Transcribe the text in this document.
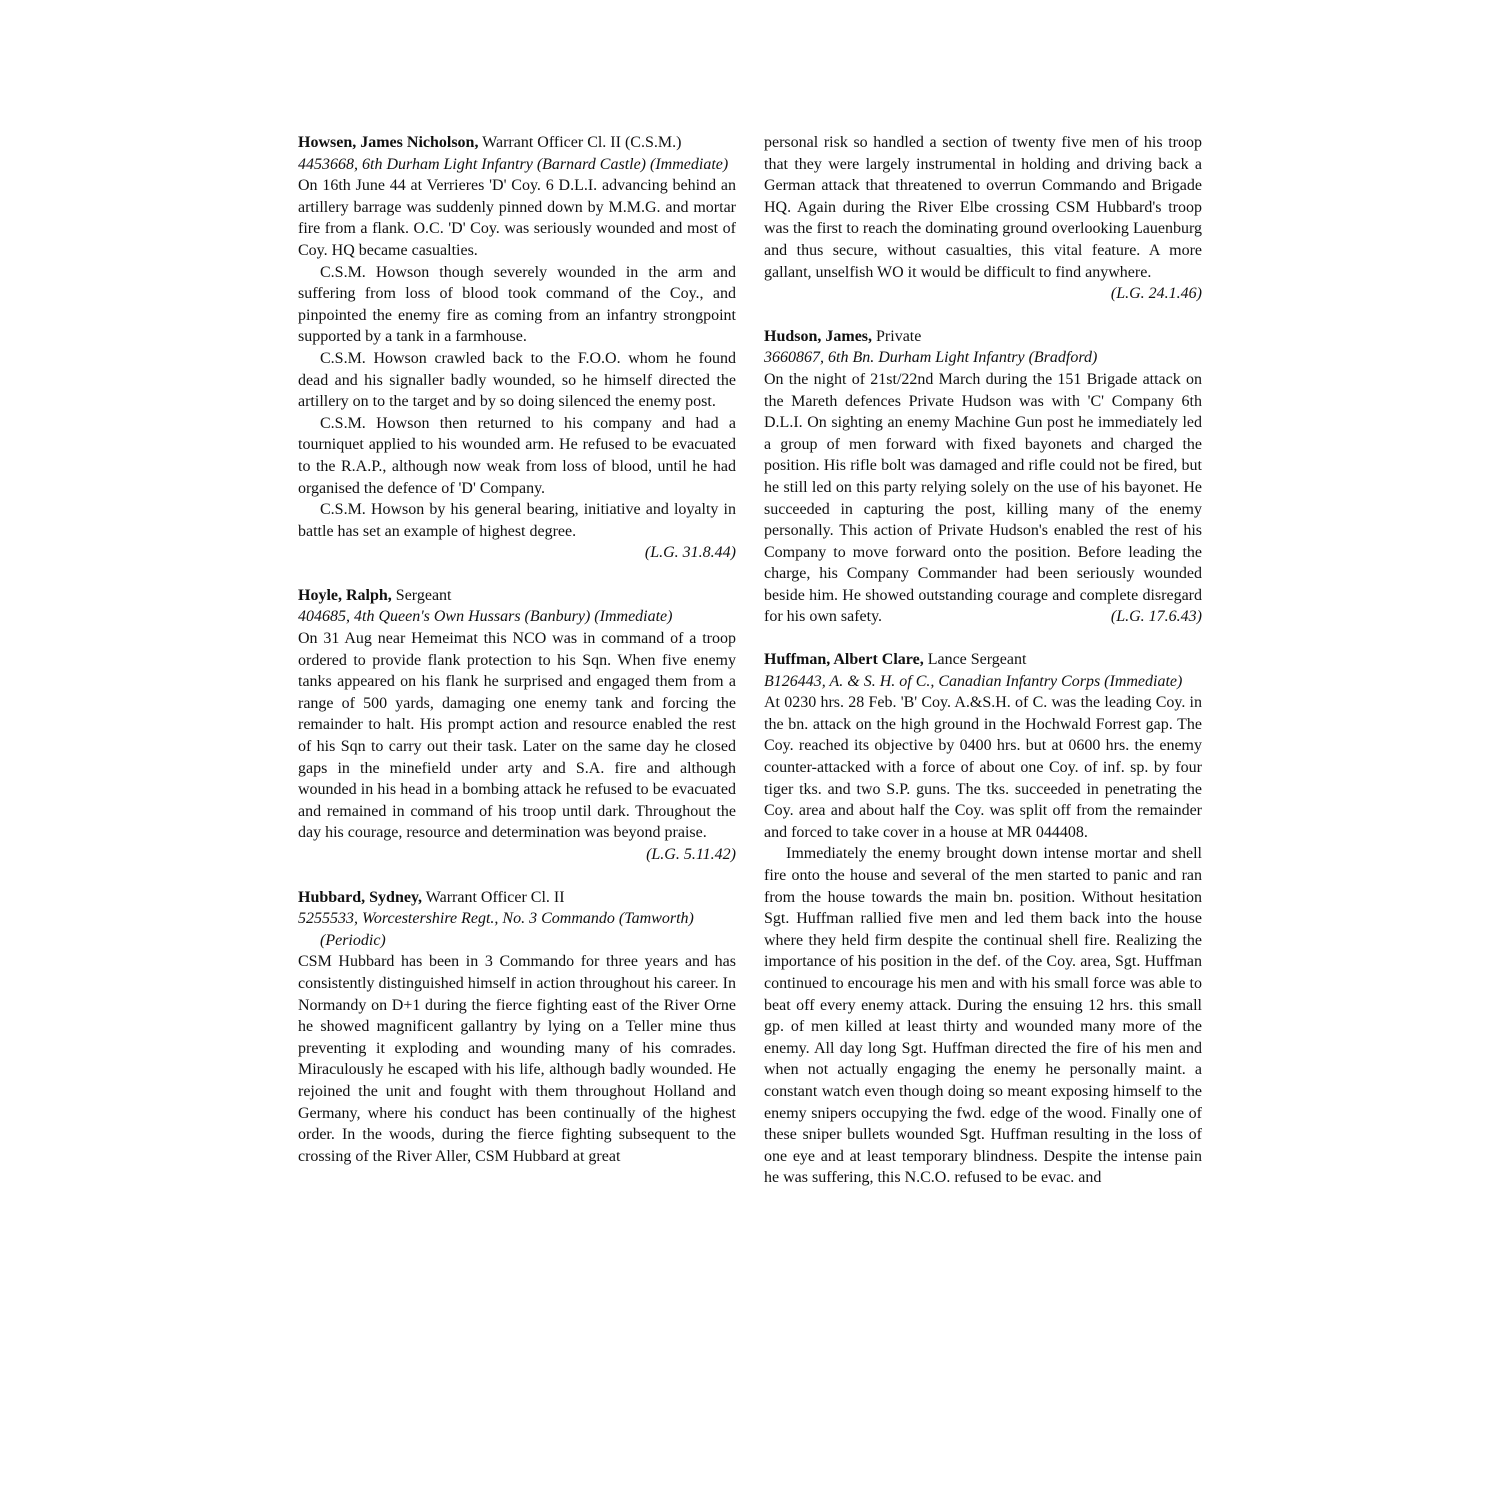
Howsen, James Nicholson, Warrant Officer Cl. II (C.S.M.)

4453668, 6th Durham Light Infantry (Barnard Castle) (Immediate)

On 16th June 44 at Verrieres 'D' Coy. 6 D.L.I. advancing behind an artillery barrage was suddenly pinned down by M.M.G. and mortar fire from a flank. O.C. 'D' Coy. was seriously wounded and most of Coy. HQ became casualties.

C.S.M. Howson though severely wounded in the arm and suffering from loss of blood took command of the Coy., and pinpointed the enemy fire as coming from an infantry strongpoint supported by a tank in a farmhouse.

C.S.M. Howson crawled back to the F.O.O. whom he found dead and his signaller badly wounded, so he himself directed the artillery on to the target and by so doing silenced the enemy post.

C.S.M. Howson then returned to his company and had a tourniquet applied to his wounded arm. He refused to be evacuated to the R.A.P., although now weak from loss of blood, until he had organised the defence of 'D' Company.

C.S.M. Howson by his general bearing, initiative and loyalty in battle has set an example of highest degree.

(L.G. 31.8.44)

Hoyle, Ralph, Sergeant

404685, 4th Queen's Own Hussars (Banbury) (Immediate)

On 31 Aug near Hemeimat this NCO was in command of a troop ordered to provide flank protection to his Sqn. When five enemy tanks appeared on his flank he surprised and engaged them from a range of 500 yards, damaging one enemy tank and forcing the remainder to halt. His prompt action and resource enabled the rest of his Sqn to carry out their task. Later on the same day he closed gaps in the minefield under arty and S.A. fire and although wounded in his head in a bombing attack he refused to be evacuated and remained in command of his troop until dark. Throughout the day his courage, resource and determination was beyond praise.

(L.G. 5.11.42)

Hubbard, Sydney, Warrant Officer Cl. II

5255533, Worcestershire Regt., No. 3 Commando (Tamworth) (Periodic)

CSM Hubbard has been in 3 Commando for three years and has consistently distinguished himself in action throughout his career. In Normandy on D+1 during the fierce fighting east of the River Orne he showed magnificent gallantry by lying on a Teller mine thus preventing it exploding and wounding many of his comrades. Miraculously he escaped with his life, although badly wounded. He rejoined the unit and fought with them throughout Holland and Germany, where his conduct has been continually of the highest order. In the woods, during the fierce fighting subsequent to the crossing of the River Aller, CSM Hubbard at great

personal risk so handled a section of twenty five men of his troop that they were largely instrumental in holding and driving back a German attack that threatened to overrun Commando and Brigade HQ. Again during the River Elbe crossing CSM Hubbard's troop was the first to reach the dominating ground overlooking Lauenburg and thus secure, without casualties, this vital feature. A more gallant, unselfish WO it would be difficult to find anywhere.
(L.G. 24.1.46)

Hudson, James, Private

3660867, 6th Bn. Durham Light Infantry (Bradford)

On the night of 21st/22nd March during the 151 Brigade attack on the Mareth defences Private Hudson was with 'C' Company 6th D.L.I. On sighting an enemy Machine Gun post he immediately led a group of men forward with fixed bayonets and charged the position. His rifle bolt was damaged and rifle could not be fired, but he still led on this party relying solely on the use of his bayonet. He succeeded in capturing the post, killing many of the enemy personally. This action of Private Hudson's enabled the rest of his Company to move forward onto the position. Before leading the charge, his Company Commander had been seriously wounded beside him. He showed outstanding courage and complete disregard for his own safety.	(L.G. 17.6.43)

Huffman, Albert Clare, Lance Sergeant

B126443, A. & S. H. of C., Canadian Infantry Corps (Immediate)

At 0230 hrs. 28 Feb. 'B' Coy. A.&S.H. of C. was the leading Coy. in the bn. attack on the high ground in the Hochwald Forrest gap. The Coy. reached its objective by 0400 hrs. but at 0600 hrs. the enemy counter-attacked with a force of about one Coy. of inf. sp. by four tiger tks. and two S.P. guns. The tks. succeeded in penetrating the Coy. area and about half the Coy. was split off from the remainder and forced to take cover in a house at MR 044408.

Immediately the enemy brought down intense mortar and shell fire onto the house and several of the men started to panic and ran from the house towards the main bn. position. Without hesitation Sgt. Huffman rallied five men and led them back into the house where they held firm despite the continual shell fire. Realizing the importance of his position in the def. of the Coy. area, Sgt. Huffman continued to encourage his men and with his small force was able to beat off every enemy attack. During the ensuing 12 hrs. this small gp. of men killed at least thirty and wounded many more of the enemy. All day long Sgt. Huffman directed the fire of his men and when not actually engaging the enemy he personally maint. a constant watch even though doing so meant exposing himself to the enemy snipers occupying the fwd. edge of the wood. Finally one of these sniper bullets wounded Sgt. Huffman resulting in the loss of one eye and at least temporary blindness. Despite the intense pain he was suffering, this N.C.O. refused to be evac. and
